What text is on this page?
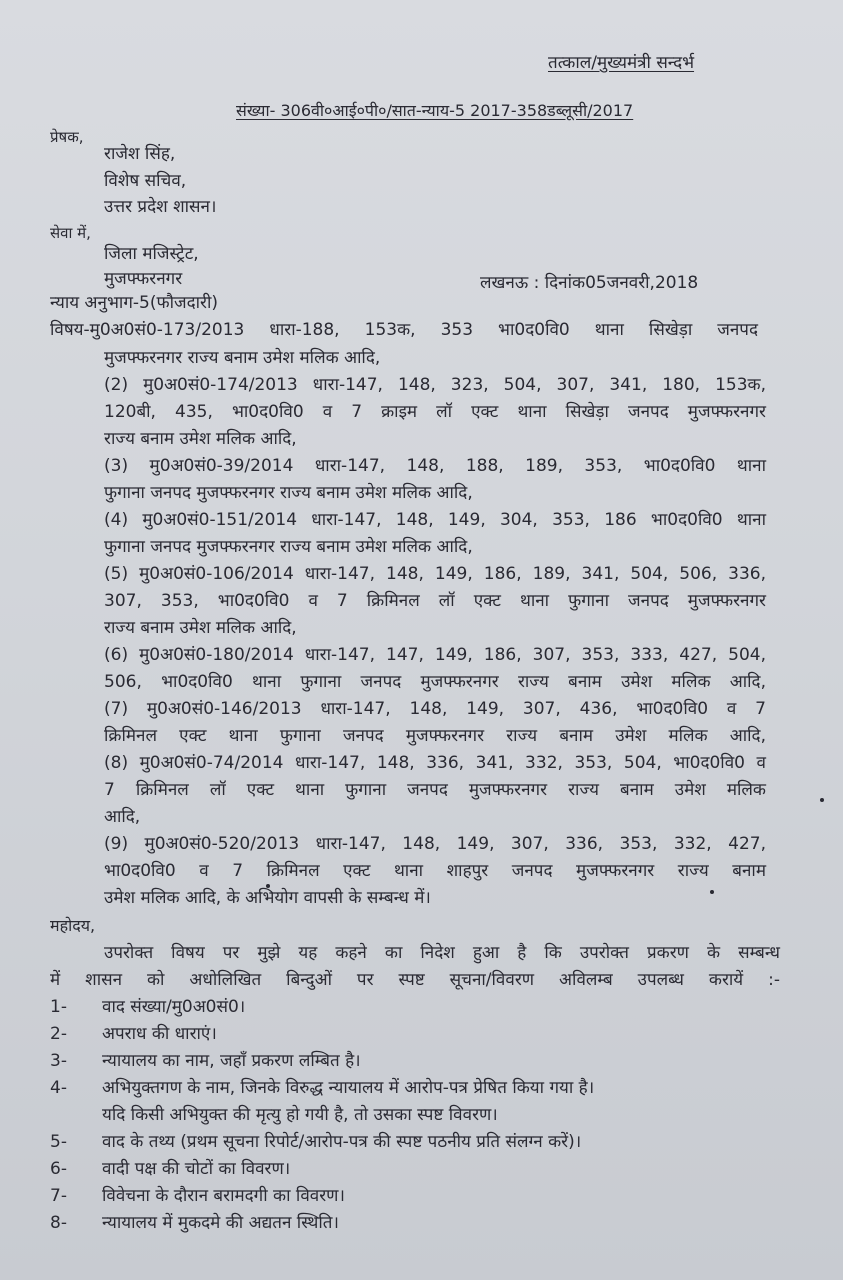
तत्काल/मुख्यमंत्री सन्दर्भ
संख्या- 306वी०आई०पी०/सात-न्याय-5 2017-358डब्लूसी/2017
प्रेषक,
राजेश सिंह,
विशेष सचिव,
उत्तर प्रदेश शासन।
सेवा में,
जिला मजिस्ट्रेट,
मुजफ्फरनगर
न्याय अनुभाग-5(फौजदारी)
लखनऊ : दिनांक05जनवरी,2018
विषय-मु0अ0सं0-173/2013 धारा-188, 153क, 353 भा0द0वि0 थाना सिखेड़ा जनपद
मुजफ्फरनगर राज्य बनाम उमेश मलिक आदि,
(2) मु0अ0सं0-174/2013 धारा-147, 148, 323, 504, 307, 341, 180, 153क,
120बी, 435, भा0द0वि0 व 7 क्राइम लॉ एक्ट थाना सिखेड़ा जनपद मुजफ्फरनगर
राज्य बनाम उमेश मलिक आदि,
(3) मु0अ0सं0-39/2014 धारा-147, 148, 188, 189, 353, भा0द0वि0 थाना
फुगाना जनपद मुजफ्फरनगर राज्य बनाम उमेश मलिक आदि,
(4) मु0अ0सं0-151/2014 धारा-147, 148, 149, 304, 353, 186 भा0द0वि0 थाना
फुगाना जनपद मुजफ्फरनगर राज्य बनाम उमेश मलिक आदि,
(5) मु0अ0सं0-106/2014 धारा-147, 148, 149, 186, 189, 341, 504, 506, 336,
307, 353, भा0द0वि0 व 7 क्रिमिनल लॉ एक्ट थाना फुगाना जनपद मुजफ्फरनगर
राज्य बनाम उमेश मलिक आदि,
(6) मु0अ0सं0-180/2014 धारा-147, 147, 149, 186, 307, 353, 333, 427, 504,
506, भा0द0वि0 थाना फुगाना जनपद मुजफ्फरनगर राज्य बनाम उमेश मलिक आदि,
(7) मु0अ0सं0-146/2013 धारा-147, 148, 149, 307, 436, भा0द0वि0 व 7
क्रिमिनल एक्ट थाना फुगाना जनपद मुजफ्फरनगर राज्य बनाम उमेश मलिक आदि,
(8) मु0अ0सं0-74/2014 धारा-147, 148, 336, 341, 332, 353, 504, भा0द0वि0 व
7 क्रिमिनल लॉ एक्ट थाना फुगाना जनपद मुजफ्फरनगर राज्य बनाम उमेश मलिक
आदि,
(9) मु0अ0सं0-520/2013 धारा-147, 148, 149, 307, 336, 353, 332, 427,
भा0द0वि0 व 7 क्रिमिनल एक्ट थाना शाहपुर जनपद मुजफ्फरनगर राज्य बनाम
उमेश मलिक आदि, के अभियोग वापसी के सम्बन्ध में।
महोदय,
उपरोक्त विषय पर मुझे यह कहने का निदेश हुआ है कि उपरोक्त प्रकरण के सम्बन्ध
में शासन को अधोलिखित बिन्दुओं पर स्पष्ट सूचना/विवरण अविलम्ब उपलब्ध करायें :-
1- वाद संख्या/मु0अ0सं0।
2- अपराध की धाराएं।
3- न्यायालय का नाम, जहाँ प्रकरण लम्बित है।
4- अभियुक्तगण के नाम, जिनके विरुद्ध न्यायालय में आरोप-पत्र प्रेषित किया गया है।
यदि किसी अभियुक्त की मृत्यु हो गयी है, तो उसका स्पष्ट विवरण।
5- वाद के तथ्य (प्रथम सूचना रिपोर्ट/आरोप-पत्र की स्पष्ट पठनीय प्रति संलग्न करें)।
6- वादी पक्ष की चोटों का विवरण।
7- विवेचना के दौरान बरामदगी का विवरण।
8- न्यायालय में मुकदमे की अद्यतन स्थिति।
